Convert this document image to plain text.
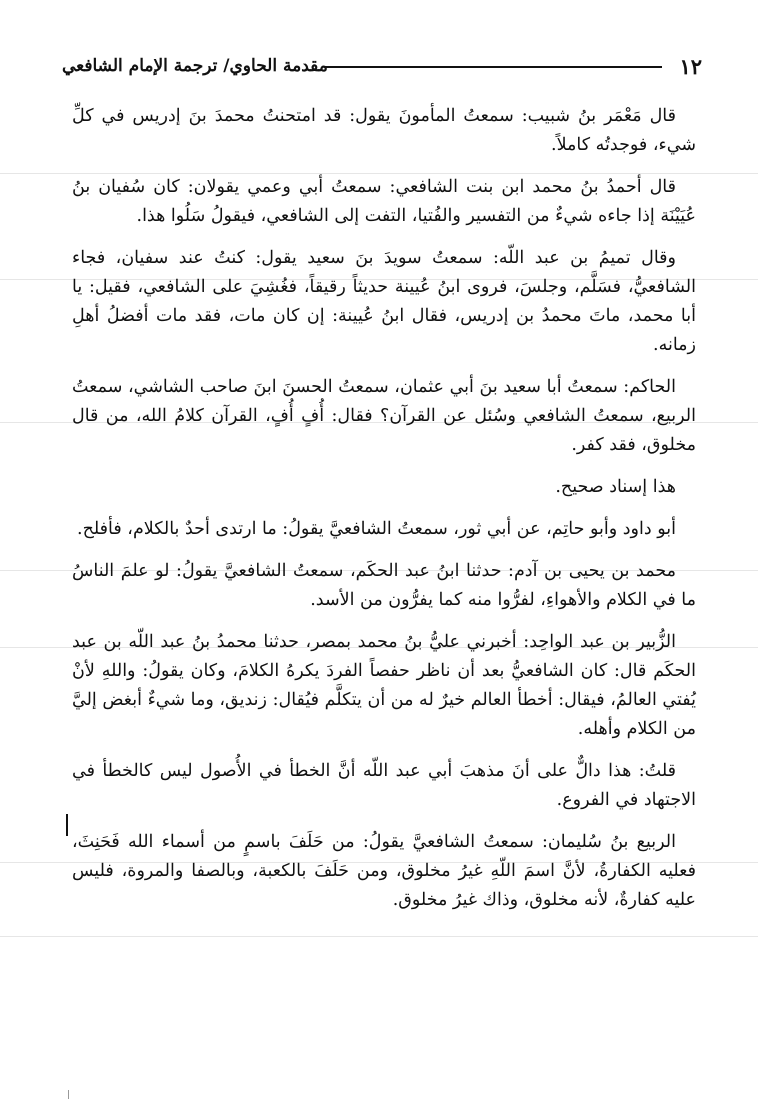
١٢
مقدمة الحاوي/ ترجمة الإمام الشافعي

قال مَعْمَر بنُ شبيب: سمعتُ المأمونَ يقول: قد امتحنتُ محمدَ بنَ إدريس في كلِّ شيء، فوجدتُه كاملاً.

قال أحمدُ بنُ محمد ابن بنت الشافعي: سمعتُ أبي وعمي يقولان: كان سُفيان بنُ عُيَيْنَة إذا جاءه شيءٌ من التفسير والفُتيا، التفت إلى الشافعي، فيقولُ سَلُوا هذا.

وقال تميمُ بن عبد اللّه: سمعتُ سويدَ بنَ سعيد يقول: كنتُ عند سفيان، فجاء الشافعيُّ، فسَلَّم، وجلسَ، فروى ابنُ عُيينة حديثاً رقيقاً، فغُشِيَ على الشافعي، فقيل: يا أبا محمد، ماتَ محمدُ بن إدريس، فقال ابنُ عُيينة: إن كان مات، فقد مات أفضلُ أهلِ زمانه.

الحاكم: سمعتُ أبا سعيد بنَ أبي عثمان، سمعتُ الحسنَ ابنَ صاحب الشاشي، سمعتُ الربيع، سمعتُ الشافعي وسُئل عن القرآن؟ فقال: أُفٍ أُفٍ، القرآن كلامُ الله، من قال مخلوق، فقد كفر.

هذا إسناد صحيح.

أبو داود وأبو حاتِم، عن أبي ثور، سمعتُ الشافعيَّ يقولُ: ما ارتدى أحدٌ بالكلام، فأفلح.

محمد بن يحيى بن آدم: حدثنا ابنُ عبد الحكَم، سمعتُ الشافعيَّ يقولُ: لو علمَ الناسُ ما في الكلام والأهواءِ، لفرُّوا منه كما يفرُّون من الأسد.

الزُّبير بن عبد الواحِد: أخبرني عليُّ بنُ محمد بمصر، حدثنا محمدُ بنُ عبد اللّه بن عبد الحكَم قال: كان الشافعيُّ بعد أن ناظر حفصاً الفردَ يكرهُ الكلامَ، وكان يقولُ: واللهِ لأنْ يُفتي العالمُ، فيقال: أخطأ العالم خيرٌ له من أن يتكلَّم فيُقال: زنديق، وما شيءٌ أبغض إليَّ من الكلام وأهله.

قلتُ: هذا دالٌّ على أنَ مذهبَ أبي عبد اللّه أنَّ الخطأ في الأُصول ليس كالخطأ في الاجتهاد في الفروع.

الربيع بنُ سُليمان: سمعتُ الشافعيَّ يقولُ: من حَلَفَ باسمٍ من أسماء الله فَحَنِثَ، فعليه الكفارةُ، لأنَّ اسمَ اللّهِ غيرُ مخلوق، ومن حَلَفَ بالكعبة، وبالصفا والمروة، فليس عليه كفارةٌ، لأنه مخلوق، وذاك غيرُ مخلوق.
